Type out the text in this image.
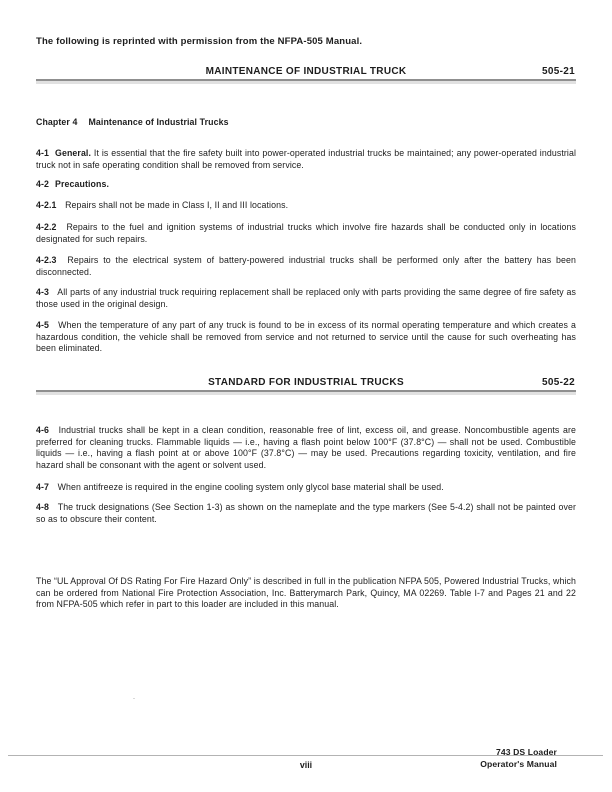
The following is reprinted with permission from the NFPA-505 Manual.
MAINTENANCE OF INDUSTRIAL TRUCK	505-21

Chapter 4 Maintenance of Industrial Trucks

4-1 General. It is essential that the fire safety built into power-operated industrial trucks be maintained; any power-operated industrial truck not in safe operating condition shall be removed from service.

4-2 Precautions.

4-2.1 Repairs shall not be made in Class I, II and III locations.

4-2.2 Repairs to the fuel and ignition systems of industrial trucks which involve fire hazards shall be conducted only in locations designated for such repairs.

4-2.3 Repairs to the electrical system of battery-powered industrial trucks shall be performed only after the battery has been disconnected.

4-3 All parts of any industrial truck requiring replacement shall be replaced only with parts providing the same degree of fire safety as those used in the original design.

4-5 When the temperature of any part of any truck is found to be in excess of its normal operating temperature and which creates a hazardous condition, the vehicle shall be removed from service and not returned to service until the cause for such overheating has been eliminated.

STANDARD FOR INDUSTRIAL TRUCKS	505-22

4-6 Industrial trucks shall be kept in a clean condition, reasonable free of lint, excess oil, and grease. Noncombustible agents are preferred for cleaning trucks. Flammable liquids — i.e., having a flash point below 100°F (37.8°C) — shall not be used. Combustible liquids — i.e., having a flash point at or above 100°F (37.8°C) — may be used. Precautions regarding toxicity, ventilation, and fire hazard shall be consonant with the agent or solvent used.

4-7 When antifreeze is required in the engine cooling system only glycol base material shall be used.

4-8 The truck designations (See Section 1-3) as shown on the nameplate and the type markers (See 5-4.2) shall not be painted over so as to obscure their content.

The “UL Approval Of DS Rating For Fire Hazard Only” is described in full in the publication NFPA 505, Powered Industrial Trucks, which can be ordered from National Fire Protection Association, Inc. Batterymarch Park, Quincy, MA 02269. Table I-7 and Pages 21 and 22 from NFPA-505 which refer in part to this loader are included in this manual.

743 DS Loader
Operator's Manual
viii
